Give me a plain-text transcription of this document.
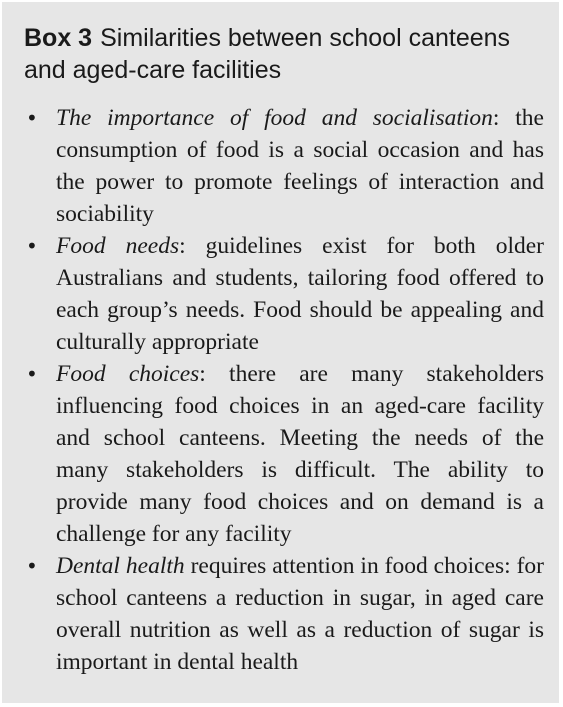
Box 3 Similarities between school canteens and aged-care facilities
• The importance of food and socialisation: the consumption of food is a social occasion and has the power to promote feelings of interaction and sociability
• Food needs: guidelines exist for both older Australians and students, tailoring food offered to each group’s needs. Food should be appealing and culturally appropriate
• Food choices: there are many stakeholders influencing food choices in an aged-care facility and school canteens. Meeting the needs of the many stakeholders is difficult. The ability to provide many food choices and on demand is a challenge for any facility
• Dental health requires attention in food choices: for school canteens a reduction in sugar, in aged care overall nutrition as well as a reduction of sugar is important in dental health
